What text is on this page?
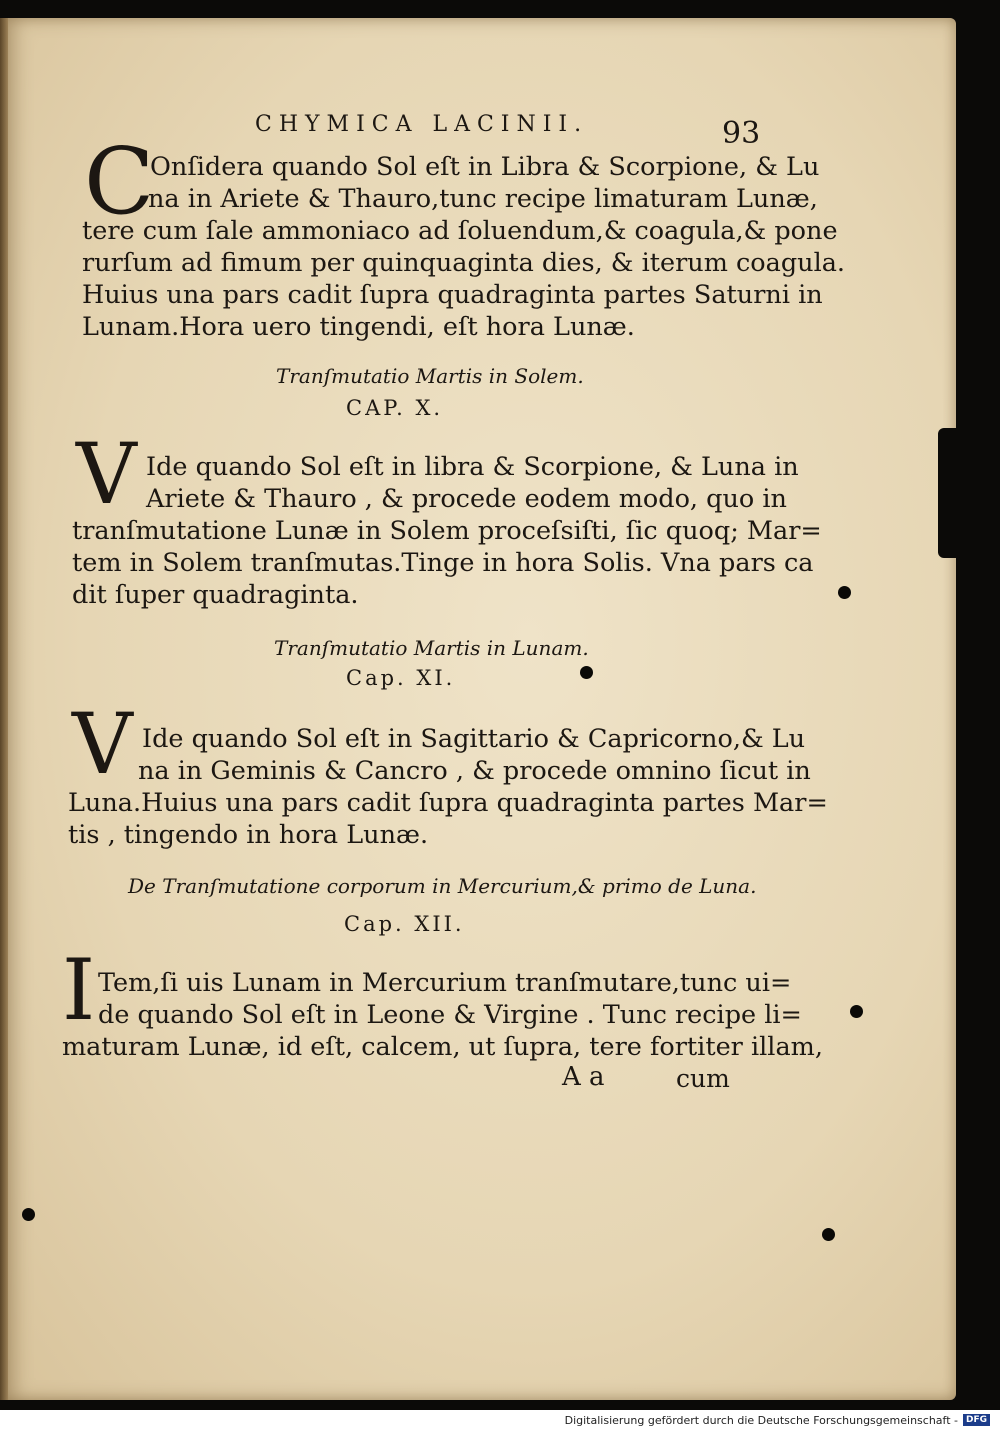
CHYMICA LACINII.	93
C
Onſidera quando Sol eſt in Libra & Scorpione, & Lu
na in Ariete & Thauro,tunc recipe limaturam Lunæ,
tere cum ſale ammoniaco ad ſoluendum,& coagula,& pone
rurſum ad fimum per quinquaginta dies, & iterum coagula.
Huius una pars cadit ſupra quadraginta partes Saturni in
Lunam.Hora uero tingendi, eſt hora Lunæ.
Tranſmutatio Martis in Solem.
CAP. X.
V Ide quando Sol eſt in libra & Scorpione, & Luna in
Ariete & Thauro , & procede eodem modo, quo in
tranſmutatione Lunæ in Solem proceſsiſti, ſic quoq; Mar=
tem in Solem tranſmutas.Tinge in hora Solis. Vna pars ca
dit ſuper quadraginta.
Tranſmutatio Martis in Lunam.
Cap. XI.
V Ide quando Sol eſt in Sagittario & Capricorno,& Lu
na in Geminis & Cancro , & procede omnino ſicut in
Luna.Huius una pars cadit ſupra quadraginta partes Mar=
tis , tingendo in hora Lunæ.
De Tranſmutatione corporum in Mercurium,& primo de Luna.
Cap. XII.
I Tem,ſi uis Lunam in Mercurium tranſmutare,tunc ui=
de quando Sol eſt in Leone & Virgine . Tunc recipe li=
maturam Lunæ, id eſt, calcem, ut ſupra, tere fortiter illam,
A a	cum
Digitalisierung gefördert durch die Deutsche Forschungsgemeinschaft - DFG
